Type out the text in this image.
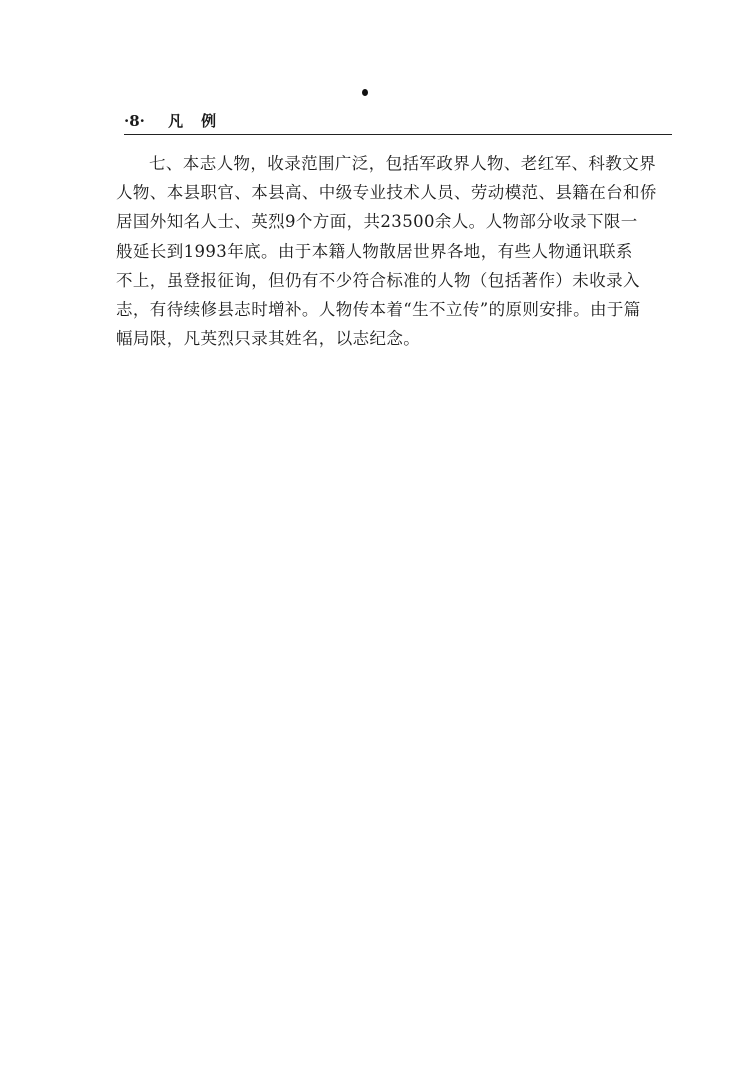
·8· 凡例
七、本志人物，收录范围广泛，包括军政界人物、老红军、科教文界
人物、本县职官、本县高、中级专业技术人员、劳动模范、县籍在台和侨
居国外知名人士、英烈9个方面，共23500余人。人物部分收录下限一
般延长到1993年底。由于本籍人物散居世界各地，有些人物通讯联系
不上，虽登报征询，但仍有不少符合标准的人物（包括著作）未收录入
志，有待续修县志时增补。人物传本着“生不立传”的原则安排。由于篇
幅局限，凡英烈只录其姓名，以志纪念。
